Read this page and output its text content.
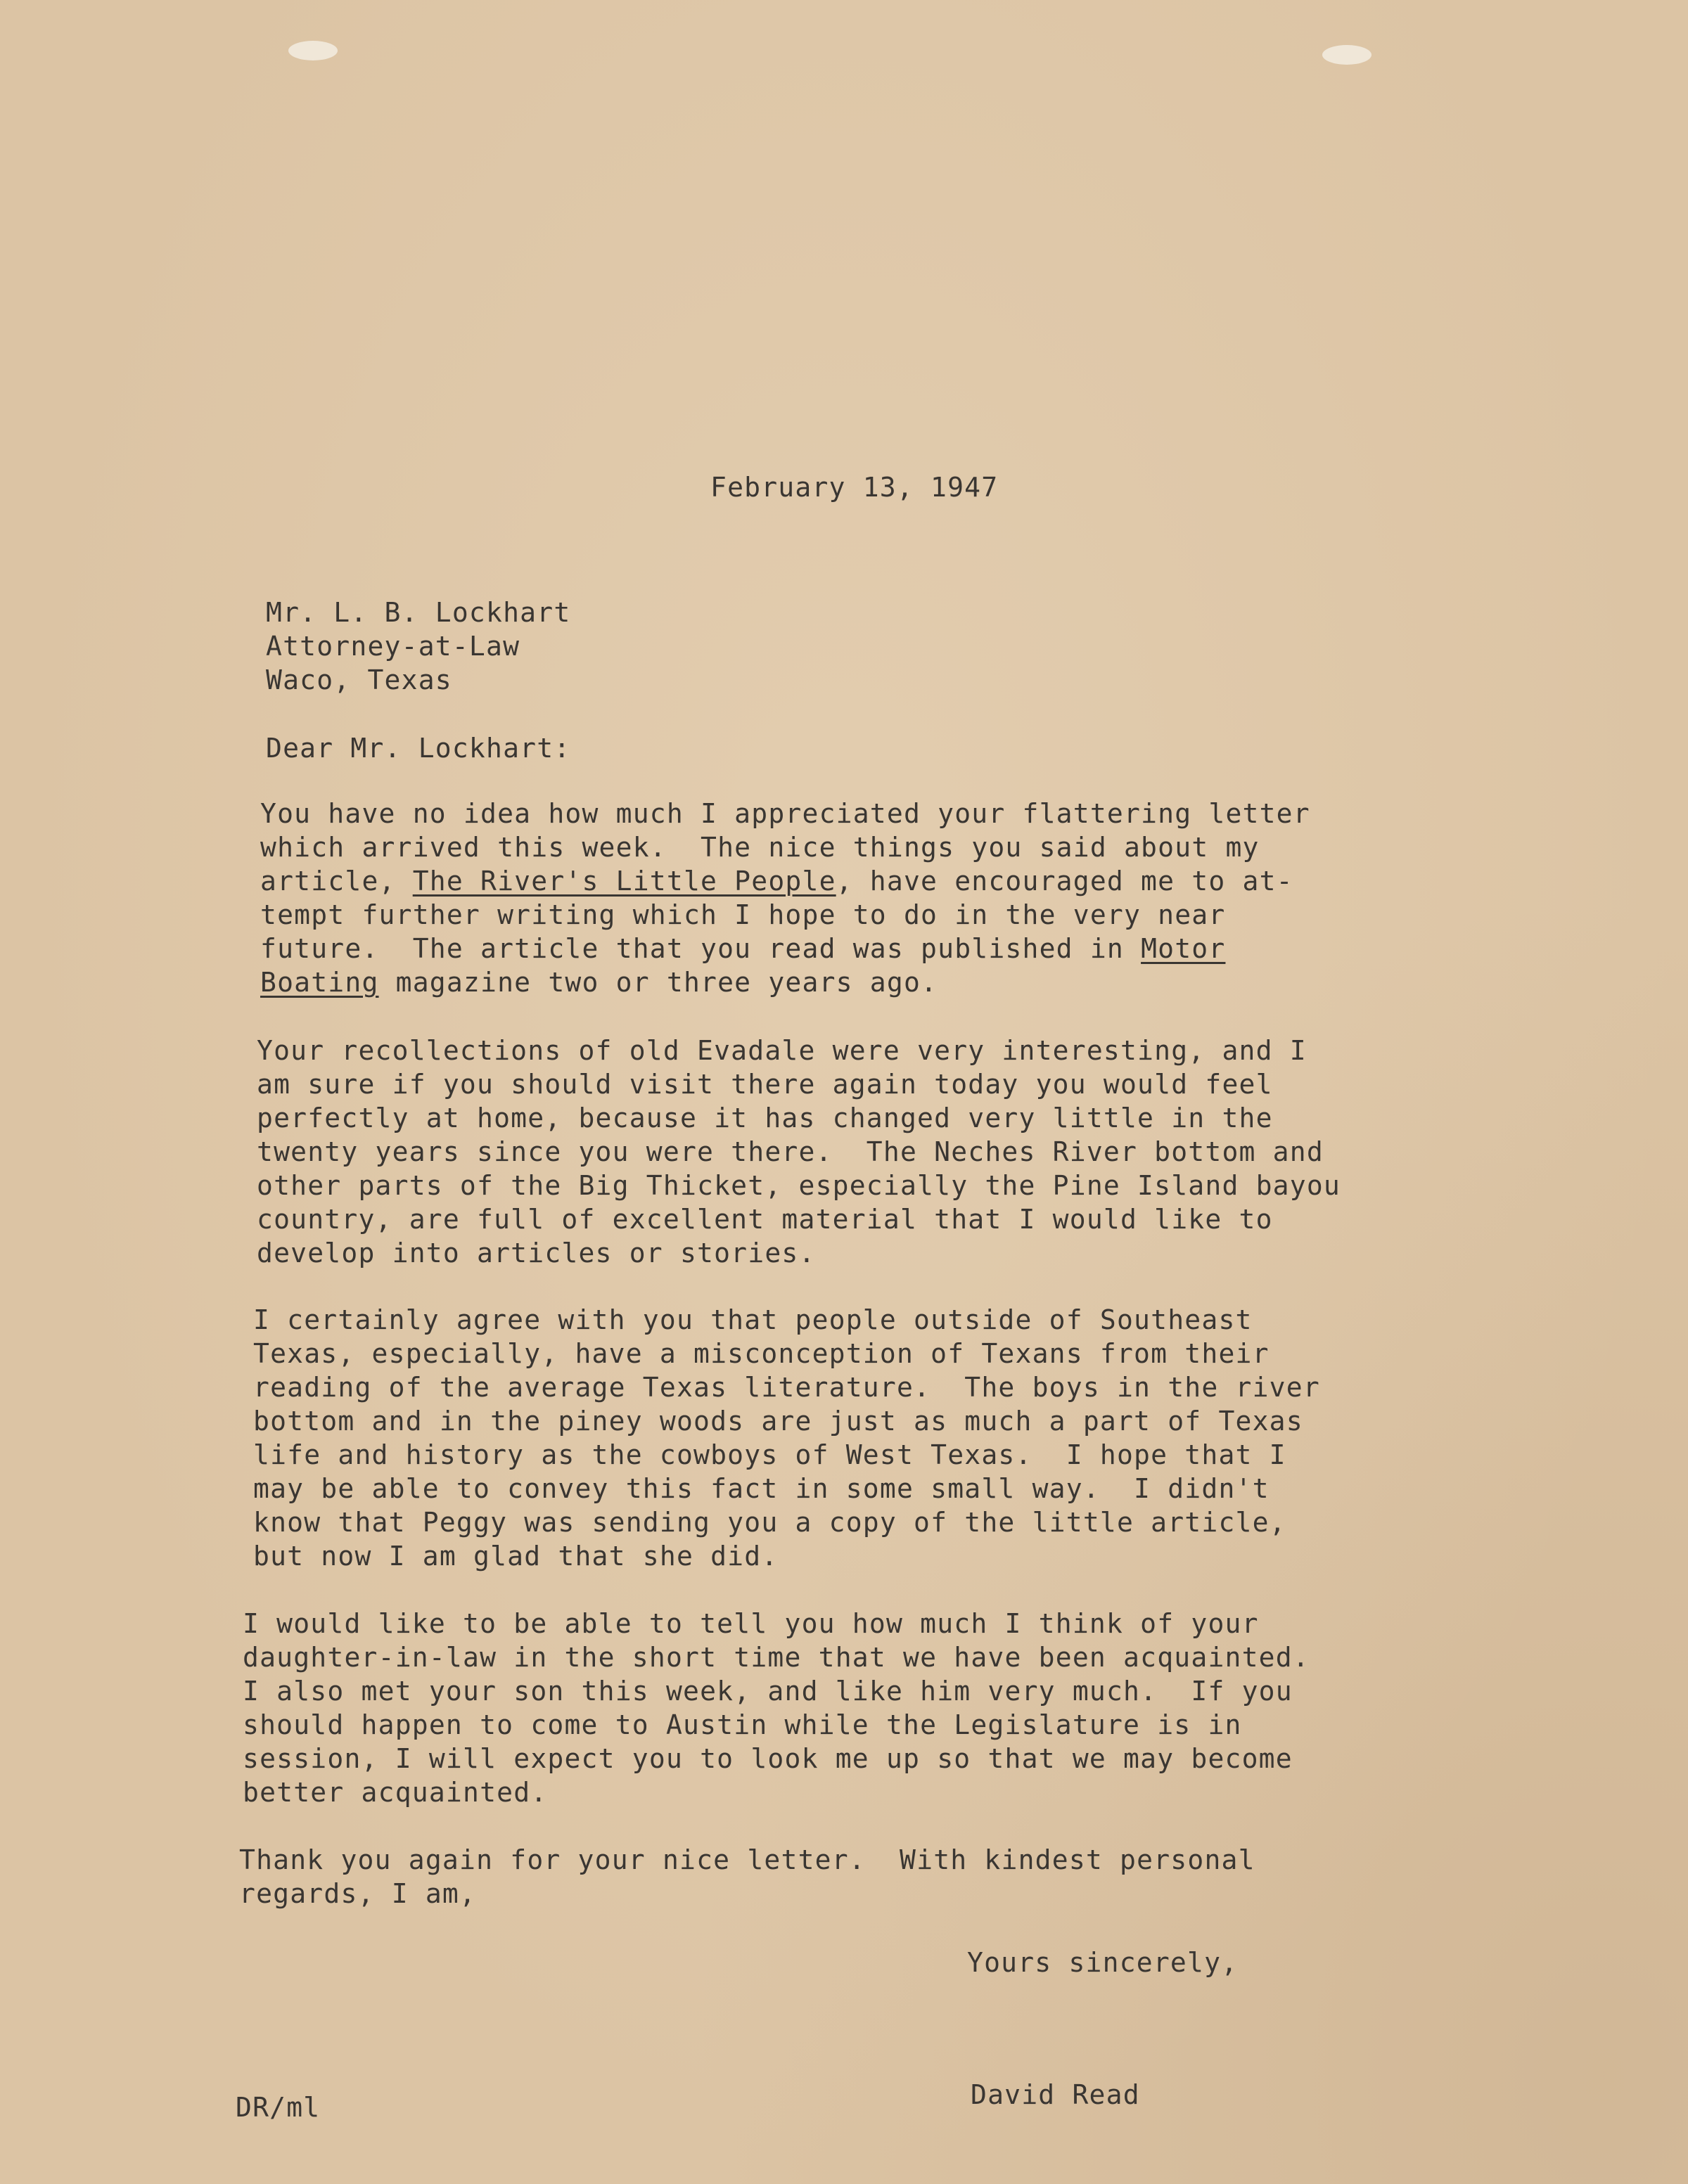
February 13, 1947
Mr. L. B. Lockhart
Attorney-at-Law
Waco, Texas
Dear Mr. Lockhart:
You have no idea how much I appreciated your flattering letter
which arrived this week.  The nice things you said about my
article, The River's Little People, have encouraged me to at-
tempt further writing which I hope to do in the very near
future.  The article that you read was published in Motor
Boating magazine two or three years ago.
Your recollections of old Evadale were very interesting, and I
am sure if you should visit there again today you would feel
perfectly at home, because it has changed very little in the
twenty years since you were there.  The Neches River bottom and
other parts of the Big Thicket, especially the Pine Island bayou
country, are full of excellent material that I would like to
develop into articles or stories.
I certainly agree with you that people outside of Southeast
Texas, especially, have a misconception of Texans from their
reading of the average Texas literature.  The boys in the river
bottom and in the piney woods are just as much a part of Texas
life and history as the cowboys of West Texas.  I hope that I
may be able to convey this fact in some small way.  I didn't
know that Peggy was sending you a copy of the little article,
but now I am glad that she did.
I would like to be able to tell you how much I think of your
daughter-in-law in the short time that we have been acquainted.
I also met your son this week, and like him very much.  If you
should happen to come to Austin while the Legislature is in
session, I will expect you to look me up so that we may become
better acquainted.
Thank you again for your nice letter.  With kindest personal
regards, I am,
Yours sincerely,
David Read
DR/ml
